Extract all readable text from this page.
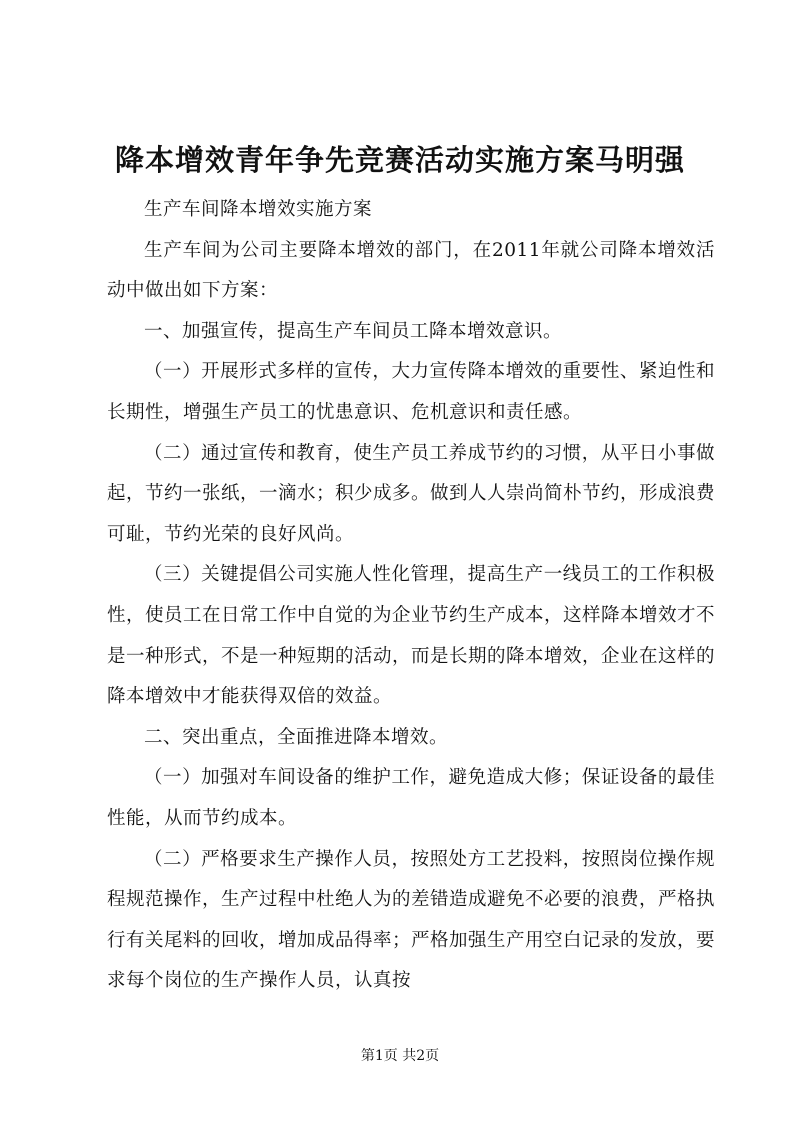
降本增效青年争先竞赛活动实施方案马明强

生产车间降本增效实施方案

生产车间为公司主要降本增效的部门，在2011年就公司降本增效活动中做出如下方案：

一、加强宣传，提高生产车间员工降本增效意识。

（一）开展形式多样的宣传，大力宣传降本增效的重要性、紧迫性和长期性，增强生产员工的忧患意识、危机意识和责任感。

（二）通过宣传和教育，使生产员工养成节约的习惯，从平日小事做起，节约一张纸，一滴水；积少成多。做到人人崇尚简朴节约，形成浪费可耻，节约光荣的良好风尚。

（三）关键提倡公司实施人性化管理，提高生产一线员工的工作积极性，使员工在日常工作中自觉的为企业节约生产成本，这样降本增效才不是一种形式，不是一种短期的活动，而是长期的降本增效，企业在这样的降本增效中才能获得双倍的效益。

二、突出重点，全面推进降本增效。

（一）加强对车间设备的维护工作，避免造成大修；保证设备的最佳性能，从而节约成本。

（二）严格要求生产操作人员，按照处方工艺投料，按照岗位操作规程规范操作，生产过程中杜绝人为的差错造成避免不必要的浪费，严格执行有关尾料的回收，增加成品得率；严格加强生产用空白记录的发放，要求每个岗位的生产操作人员，认真按

第1页 共2页
